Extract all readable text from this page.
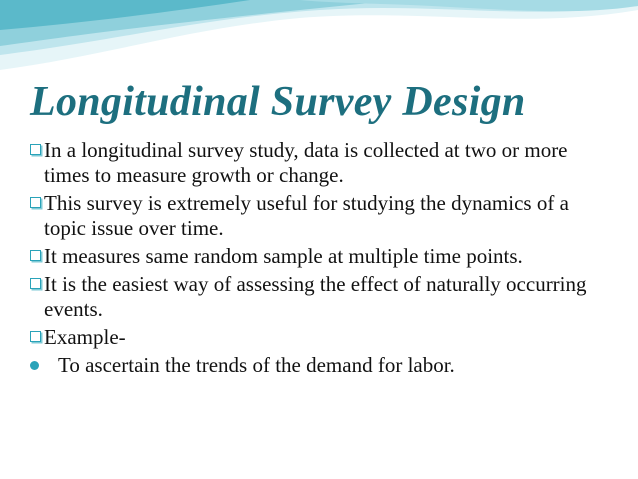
Longitudinal Survey Design
In a longitudinal survey study, data is collected at two or more times to measure growth or change.
This survey is extremely useful for studying the dynamics of a topic issue over time.
It measures same random sample at multiple time points.
It is the easiest way of assessing the effect of naturally occurring events.
Example-
To ascertain the trends of the demand for labor.
